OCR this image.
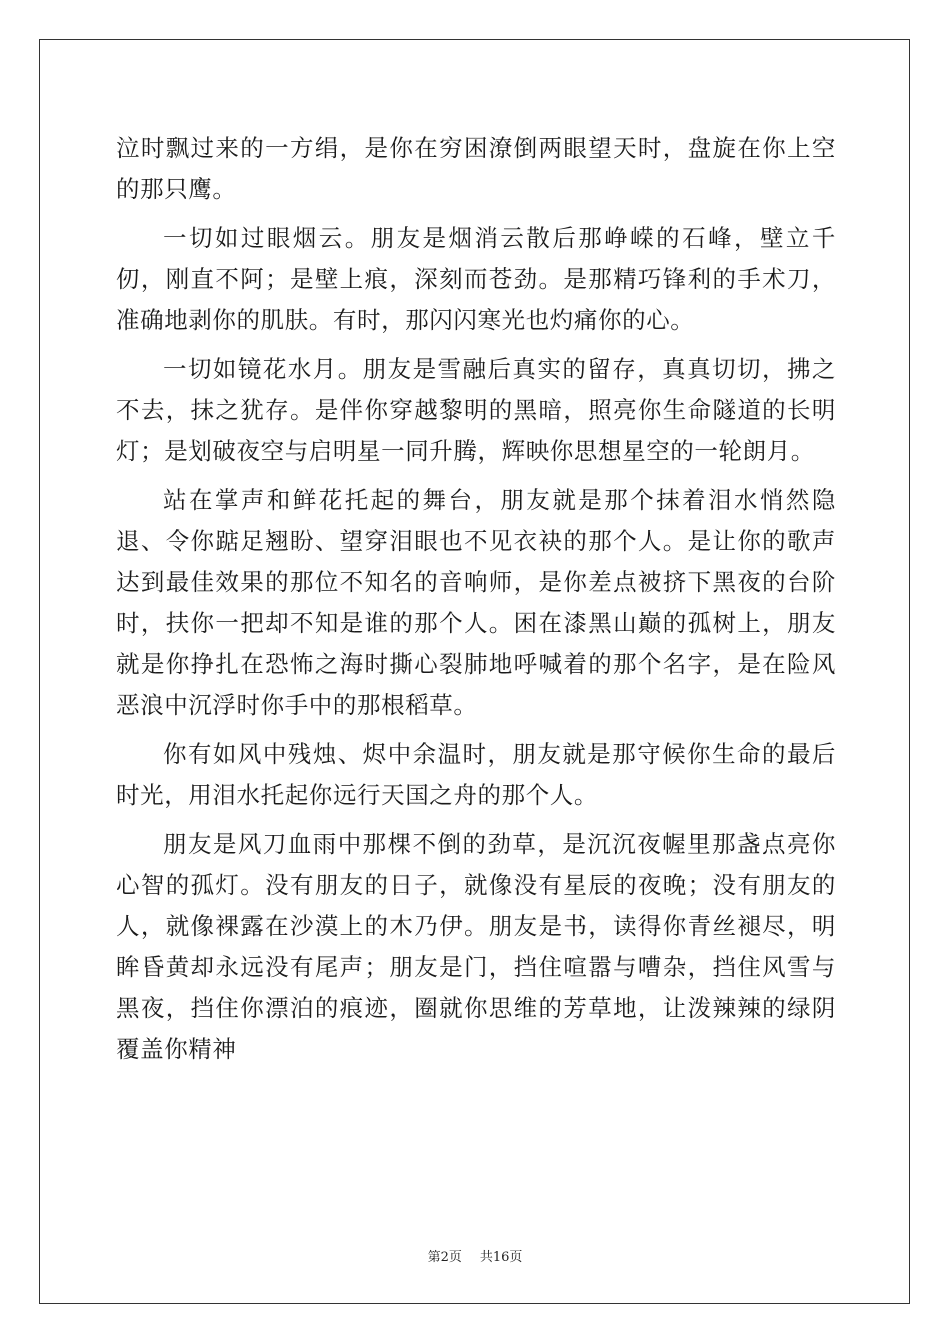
泣时飘过来的一方绢，是你在穷困潦倒两眼望天时，盘旋在你上空的那只鹰。

一切如过眼烟云。朋友是烟消云散后那峥嵘的石峰，壁立千仞，刚直不阿；是壁上痕，深刻而苍劲。是那精巧锋利的手术刀，准确地剥你的肌肤。有时，那闪闪寒光也灼痛你的心。

一切如镜花水月。朋友是雪融后真实的留存，真真切切，拂之不去，抹之犹存。是伴你穿越黎明的黑暗，照亮你生命隧道的长明灯；是划破夜空与启明星一同升腾，辉映你思想星空的一轮朗月。

站在掌声和鲜花托起的舞台，朋友就是那个抹着泪水悄然隐退、令你踮足翘盼、望穿泪眼也不见衣袂的那个人。是让你的歌声达到最佳效果的那位不知名的音响师，是你差点被挤下黑夜的台阶时，扶你一把却不知是谁的那个人。困在漆黑山巅的孤树上，朋友就是你挣扎在恐怖之海时撕心裂肺地呼喊着的那个名字，是在险风恶浪中沉浮时你手中的那根稻草。

你有如风中残烛、烬中余温时，朋友就是那守候你生命的最后时光，用泪水托起你远行天国之舟的那个人。

朋友是风刀血雨中那棵不倒的劲草，是沉沉夜幄里那盏点亮你心智的孤灯。没有朋友的日子，就像没有星辰的夜晚；没有朋友的人，就像裸露在沙漠上的木乃伊。朋友是书，读得你青丝褪尽，明眸昏黄却永远没有尾声；朋友是门，挡住喧嚣与嘈杂，挡住风雪与黑夜，挡住你漂泊的痕迹，圈就你思维的芳草地，让泼辣辣的绿阴覆盖你精神

第2页 共16页
